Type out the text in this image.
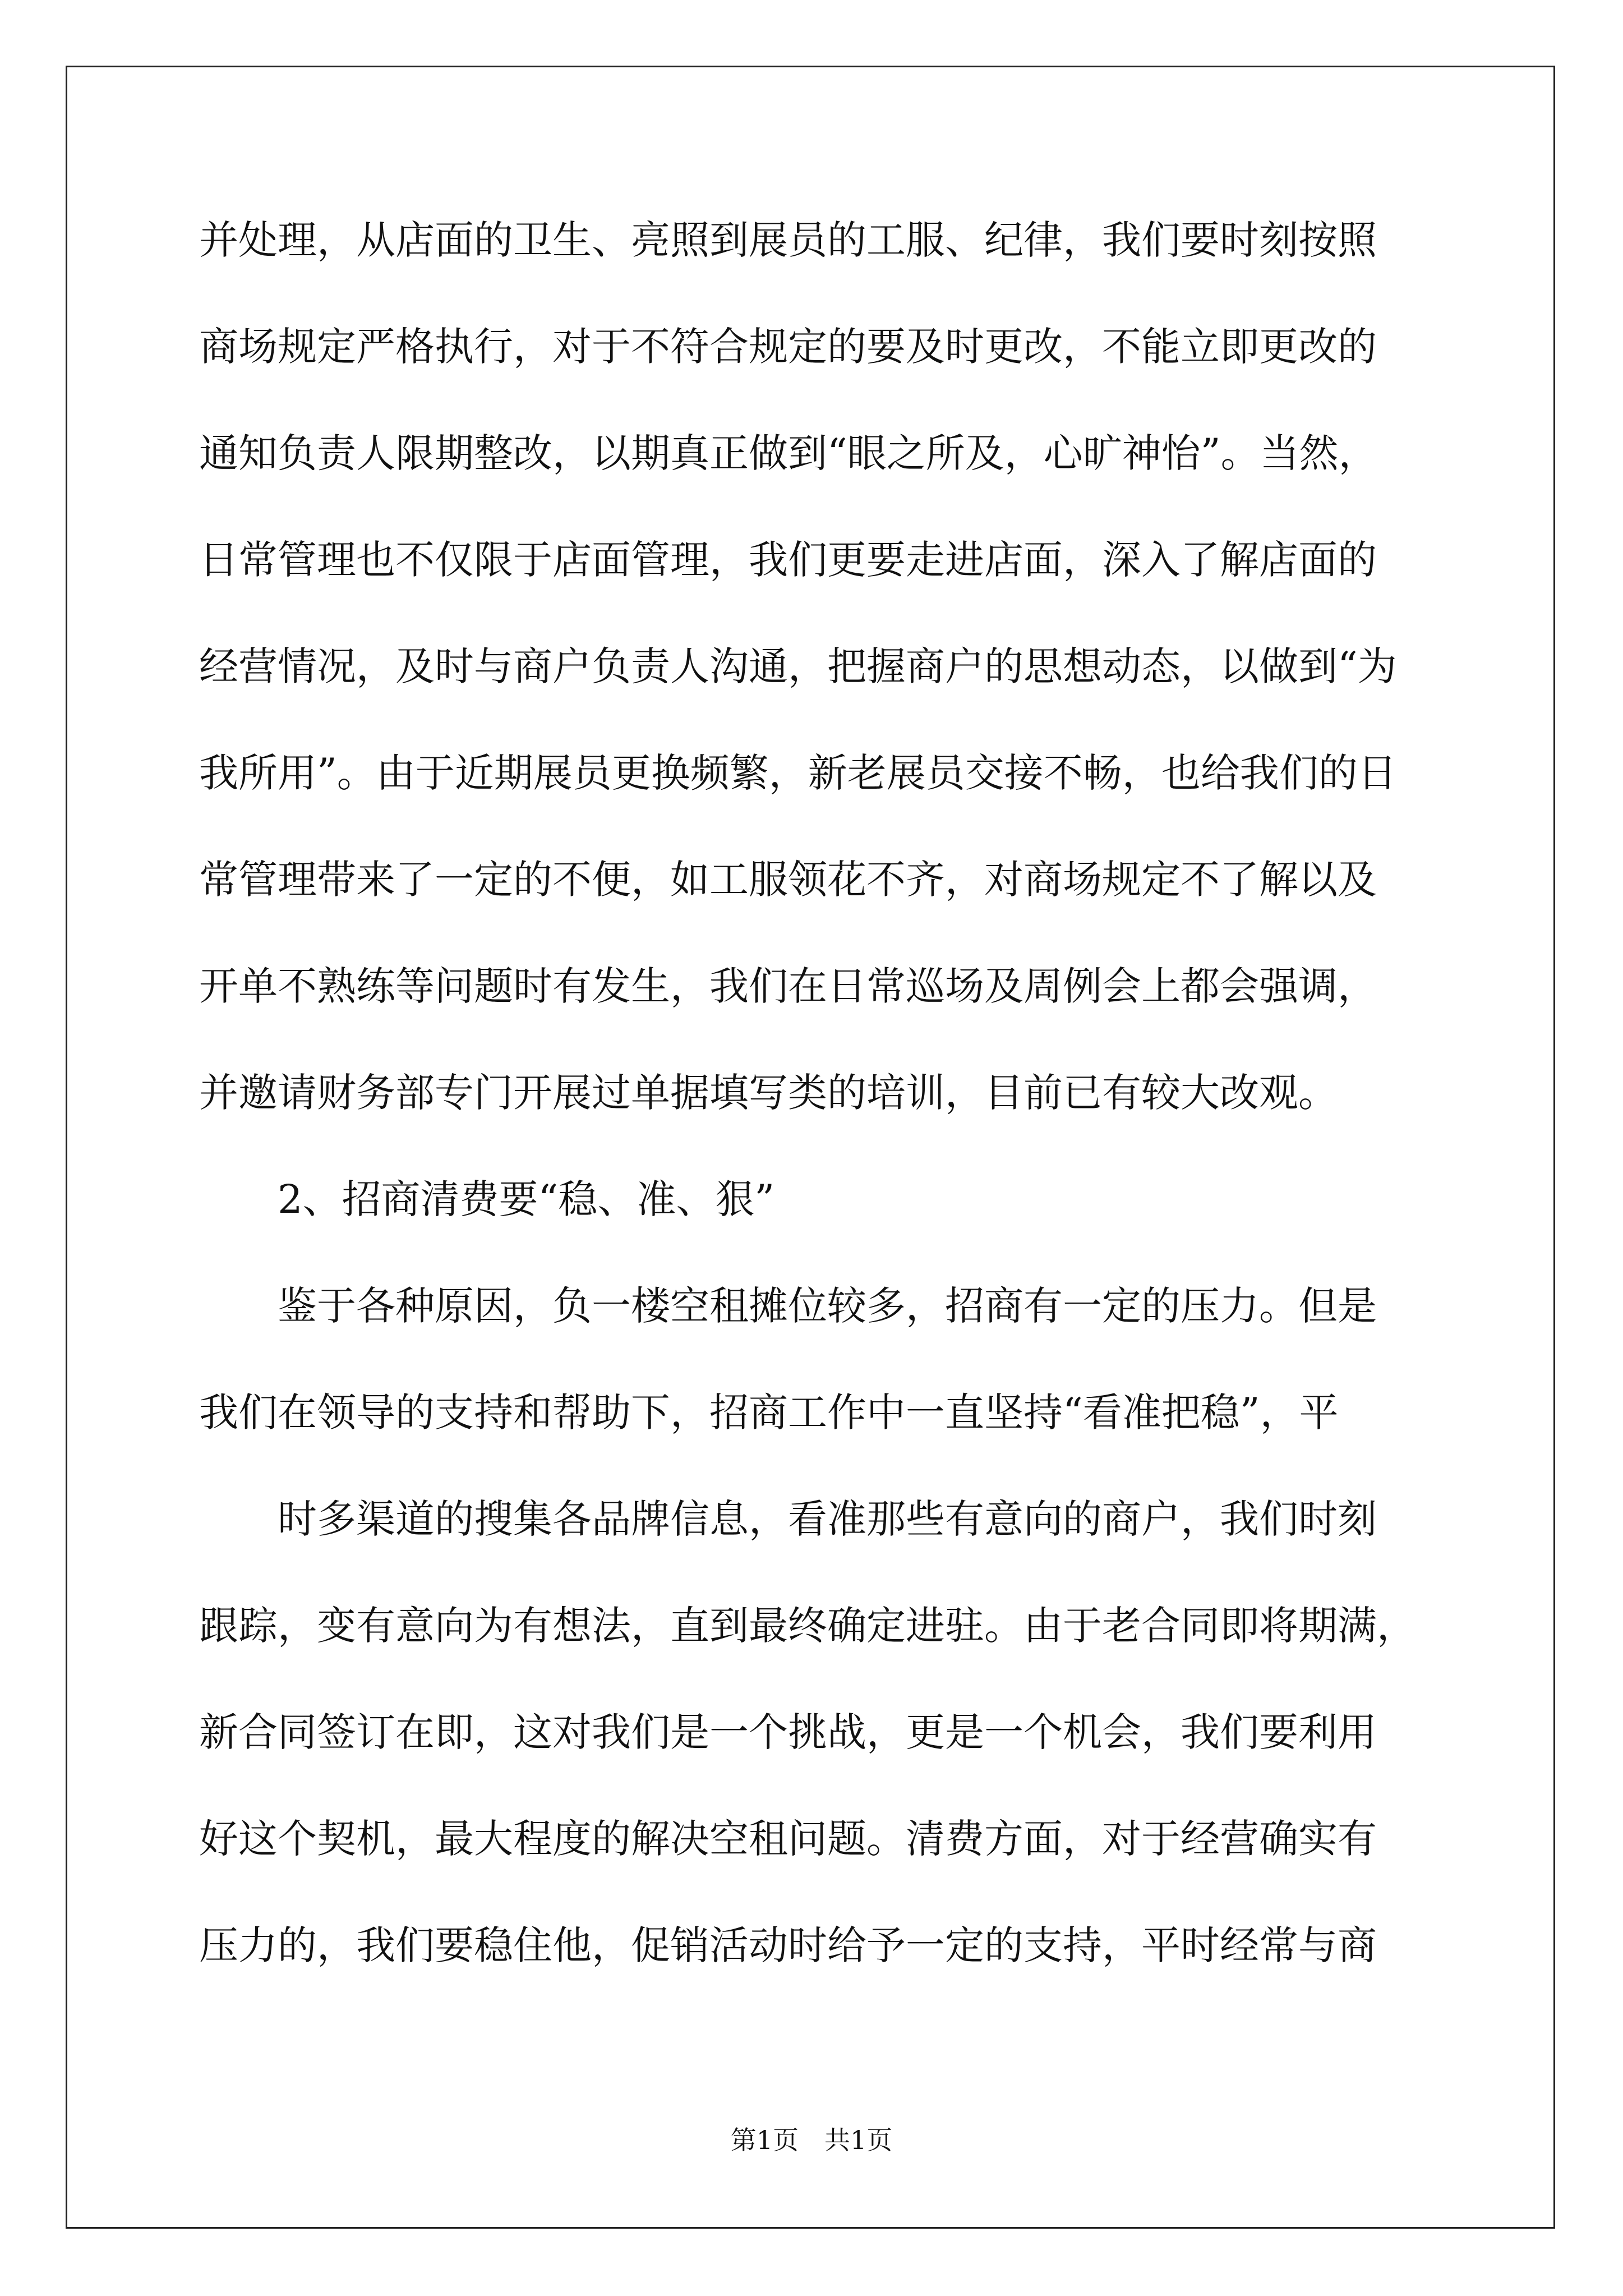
并处理，从店面的卫生、亮照到展员的工服、纪律，我们要时刻按照
商场规定严格执行，对于不符合规定的要及时更改，不能立即更改的
通知负责人限期整改，以期真正做到“眼之所及，心旷神怡”。当然，
日常管理也不仅限于店面管理，我们更要走进店面，深入了解店面的
经营情况，及时与商户负责人沟通，把握商户的思想动态，以做到“为
我所用”。由于近期展员更换频繁，新老展员交接不畅，也给我们的日
常管理带来了一定的不便，如工服领花不齐，对商场规定不了解以及
开单不熟练等问题时有发生，我们在日常巡场及周例会上都会强调，
并邀请财务部专门开展过单据填写类的培训，目前已有较大改观。
2、招商清费要“稳、准、狠”
鉴于各种原因，负一楼空租摊位较多，招商有一定的压力。但是
我们在领导的支持和帮助下，招商工作中一直坚持“看准把稳”，平
时多渠道的搜集各品牌信息，看准那些有意向的商户，我们时刻
跟踪，变有意向为有想法，直到最终确定进驻。由于老合同即将期满，
新合同签订在即，这对我们是一个挑战，更是一个机会，我们要利用
好这个契机，最大程度的解决空租问题。清费方面，对于经营确实有
压力的，我们要稳住他，促销活动时给予一定的支持，平时经常与商
第1页　共1页
